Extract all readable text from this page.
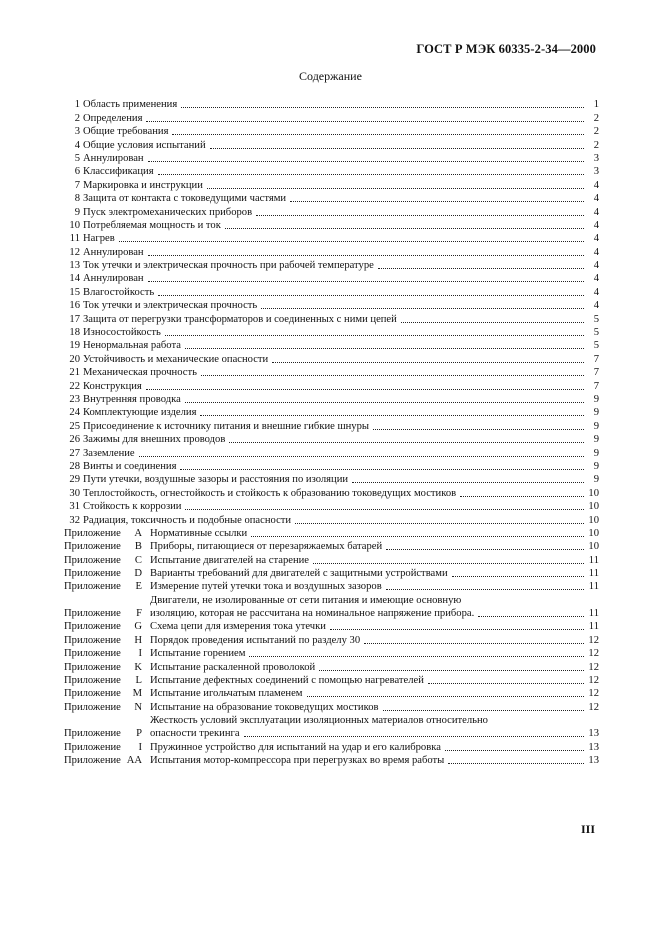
ГОСТ Р МЭК 60335-2-34—2000
Содержание
1 Область применения	1
2 Определения	2
3 Общие требования	2
4 Общие условия испытаний	2
5 Аннулирован	3
6 Классификация	3
7 Маркировка и инструкции	4
8 Защита от контакта с токоведущими частями	4
9 Пуск электромеханических приборов	4
10 Потребляемая мощность и ток	4
11 Нагрев	4
12 Аннулирован	4
13 Ток утечки и электрическая прочность при рабочей температуре	4
14 Аннулирован	4
15 Влагостойкость	4
16 Ток утечки и электрическая прочность	4
17 Защита от перегрузки трансформаторов и соединенных с ними цепей	5
18 Износостойкость	5
19 Ненормальная работа	5
20 Устойчивость и механические опасности	7
21 Механическая прочность	7
22 Конструкция	7
23 Внутренняя проводка	9
24 Комплектующие изделия	9
25 Присоединение к источнику питания и внешние гибкие шнуры	9
26 Зажимы для внешних проводов	9
27 Заземление	9
28 Винты и соединения	9
29 Пути утечки, воздушные зазоры и расстояния по изоляции	9
30 Теплостойкость, огнестойкость и стойкость к образованию токоведущих мостиков	10
31 Стойкость к коррозии	10
32 Радиация, токсичность и подобные опасности	10
Приложение	A Нормативные ссылки	10
Приложение	B Приборы, питающиеся от перезаряжаемых батарей	10
Приложение	C Испытание двигателей на старение	11
Приложение	D Варианты требований для двигателей с защитными устройствами	11
Приложение	E Измерение путей утечки тока и воздушных зазоров	11
Приложение	F
Двигатели, не изолированные от сети питания и имеющие основную
изоляцию, которая не рассчитана на номинальное напряжение прибора.	11
Приложение	G Схема цепи для измерения тока утечки	11
Приложение	H Порядок проведения испытаний по разделу 30	12
Приложение	I Испытание горением	12
Приложение	K Испытание раскаленной проволокой	12
Приложение	L Испытание дефектных соединений с помощью нагревателей	12
Приложение	M Испытание игольчатым пламенем	12
Приложение	N Испытание на образование токоведущих мостиков	12
Приложение	P
Жесткость условий эксплуатации изоляционных материалов относительно
опасности трекинга	13
Приложение	I Пружинное устройство для испытаний на удар и его калибровка	13
Приложение AA Испытания мотор-компрессора при перегрузках во время работы	13
III
